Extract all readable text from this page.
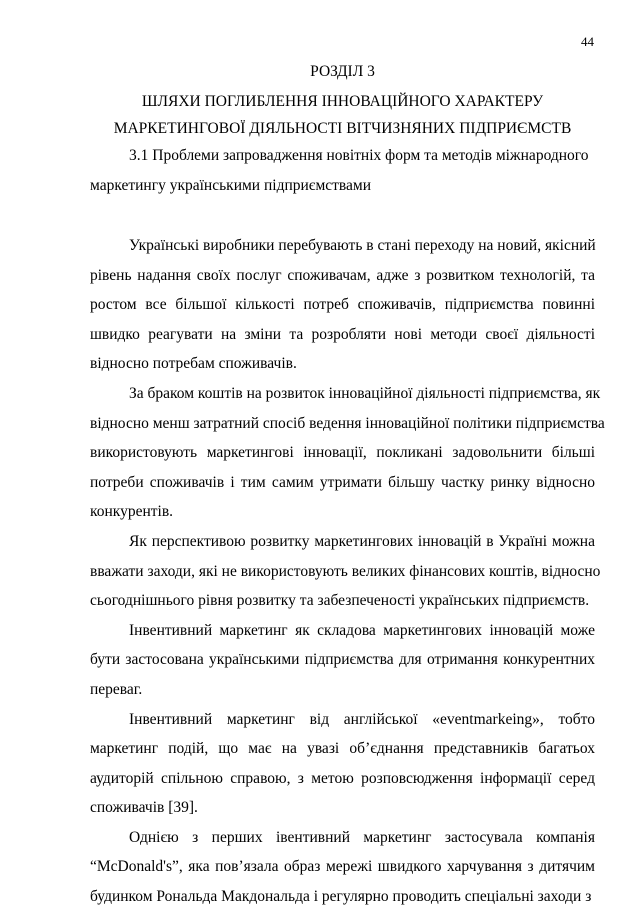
44
РОЗДІЛ 3
ШЛЯХИ ПОГЛИБЛЕННЯ ІННОВАЦІЙНОГО ХАРАКТЕРУ
МАРКЕТИНГОВОЇ ДІЯЛЬНОСТІ ВІТЧИЗНЯНИХ ПІДПРИЄМСТВ
3.1 Проблеми запровадження новітніх форм та методів міжнародного
маркетингу українськими підприємствами
Українські виробники перебувають в стані переходу на новий, якісний
рівень надання своїх послуг споживачам, адже з розвитком технологій, та
ростом все більшої кількості потреб споживачів, підприємства повинні
швидко реагувати на зміни та розробляти нові методи своєї діяльності
відносно потребам споживачів.
За браком коштів на розвиток інноваційної діяльності підприємства, як
відносно менш затратний спосіб ведення інноваційної політики підприємства
використовують маркетингові інновації, покликані задовольнити більші
потреби споживачів і тим самим утримати більшу частку ринку відносно
конкурентів.
Як перспективою розвитку маркетингових інновацій в Україні можна
вважати заходи, які не використовують великих фінансових коштів, відносно
сьогоднішнього рівня розвитку та забезпеченості українських підприємств.
Інвентивний маркетинг як складова маркетингових інновацій може
бути застосована українськими підприємства для отримання конкурентних
переваг.
Інвентивний маркетинг від англійської «eventmarkeing», тобто
маркетинг подій, що має на увазі об’єднання представників багатьох
аудиторій спільною справою, з метою розповсюдження інформації серед
споживачів [39].
Однією з перших івентивний маркетинг застосувала компанія
“McDonald's”, яка пов’язала образ мережі швидкого харчування з дитячим
будинком Рональда Макдональда і регулярно проводить спеціальні заходи з
